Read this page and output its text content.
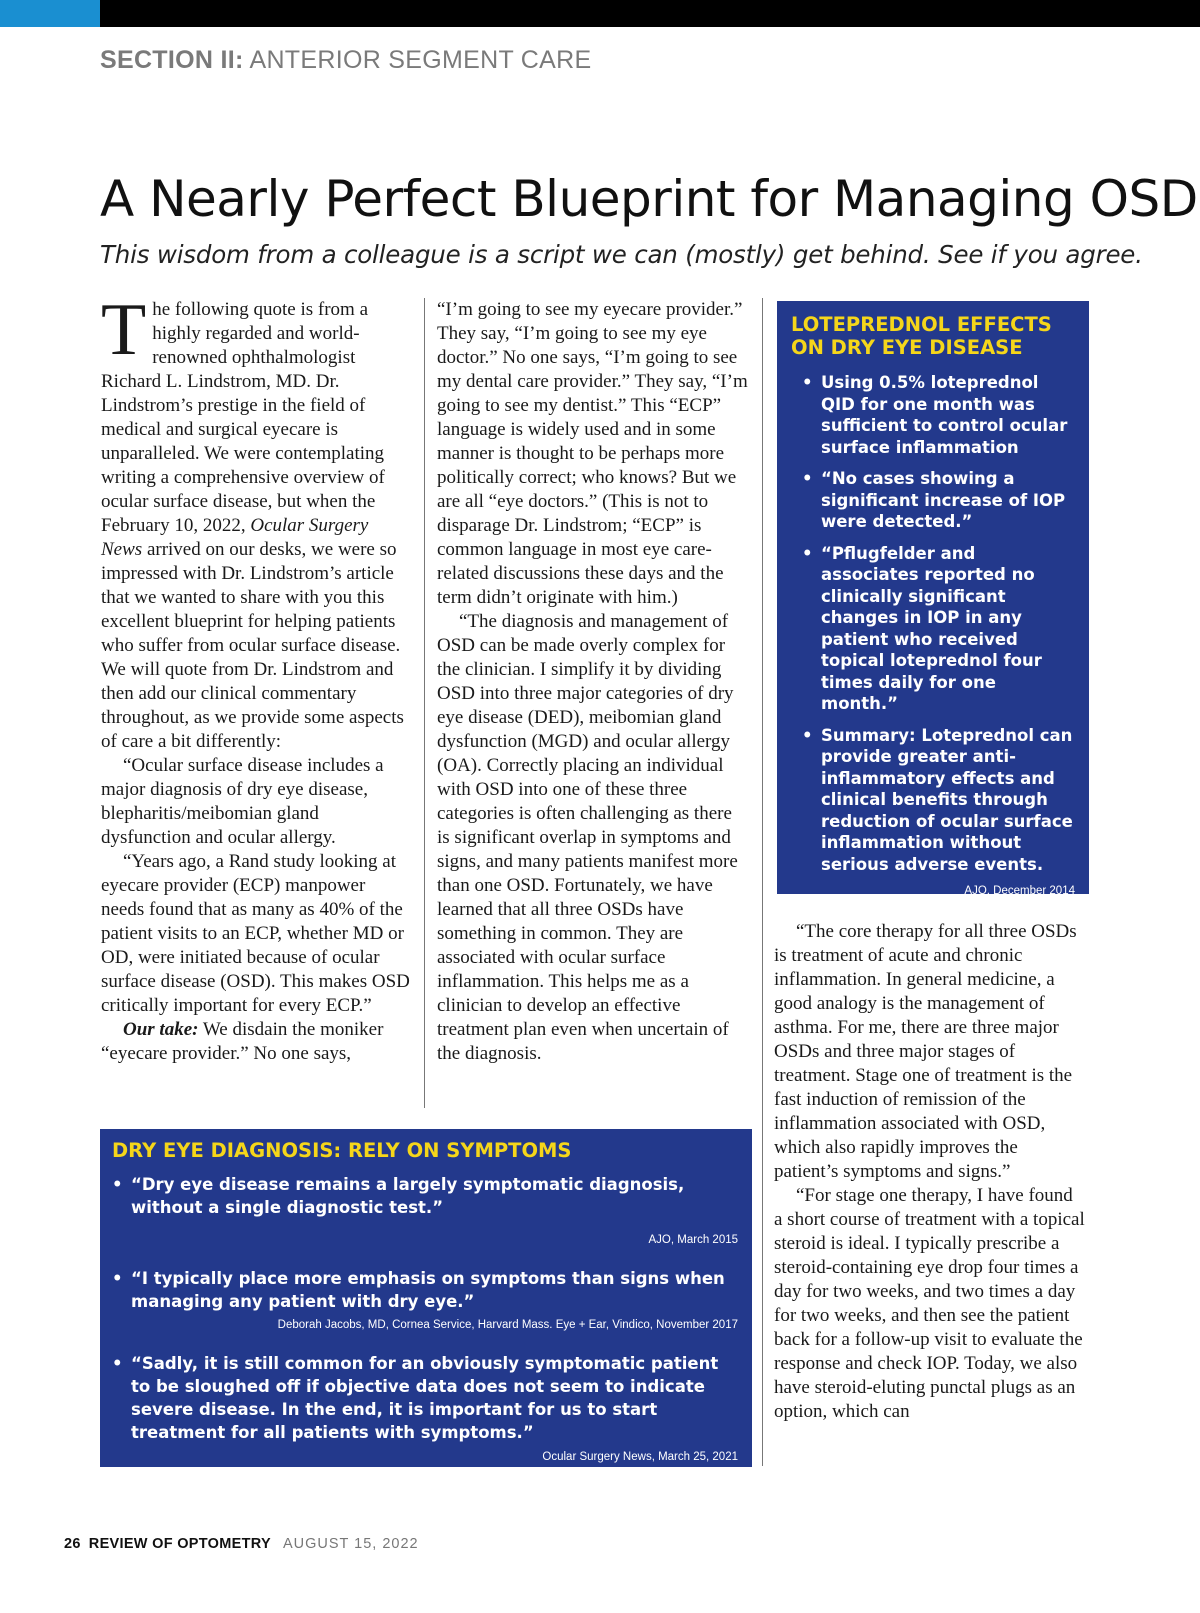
SECTION II: ANTERIOR SEGMENT CARE
A Nearly Perfect Blueprint for Managing OSD

This wisdom from a colleague is a script we can (mostly) get behind. See if you agree.

The following quote is from a highly regarded and world-renowned ophthalmologist Richard L. Lindstrom, MD. Dr. Lindstrom’s prestige in the field of medical and surgical eyecare is unparalleled. We were contemplating writing a comprehensive overview of ocular surface disease, but when the February 10, 2022, Ocular Surgery News arrived on our desks, we were so impressed with Dr. Lindstrom’s article that we wanted to share with you this excellent blueprint for helping patients who suffer from ocular surface disease. We will quote from Dr. Lindstrom and then add our clinical commentary throughout, as we provide some aspects of care a bit differently:

“Ocular surface disease includes a major diagnosis of dry eye disease, blepharitis/meibomian gland dysfunction and ocular allergy.

“Years ago, a Rand study looking at eyecare provider (ECP) manpower needs found that as many as 40% of the patient visits to an ECP, whether MD or OD, were initiated because of ocular surface disease (OSD). This makes OSD critically important for every ECP.”

Our take: We disdain the moniker “eyecare provider.” No one says,

“I’m going to see my eyecare provider.” They say, “I’m going to see my eye doctor.” No one says, “I’m going to see my dental care provider.” They say, “I’m going to see my dentist.” This “ECP” language is widely used and in some manner is thought to be perhaps more politically correct; who knows? But we are all “eye doctors.” (This is not to disparage Dr. Lindstrom; “ECP” is common language in most eye care-related discussions these days and the term didn’t originate with him.)

“The diagnosis and management of OSD can be made overly complex for the clinician. I simplify it by dividing OSD into three major categories of dry eye disease (DED), meibomian gland dysfunction (MGD) and ocular allergy (OA). Correctly placing an individual with OSD into one of these three categories is often challenging as there is significant overlap in symptoms and signs, and many patients manifest more than one OSD. Fortunately, we have learned that all three OSDs have something in common. They are associated with ocular surface inflammation. This helps me as a clinician to develop an effective treatment plan even when uncertain of the diagnosis.

LOTEPREDNOL EFFECTS ON DRY EYE DISEASE
• Using 0.5% loteprednol QID for one month was sufficient to control ocular surface inflammation
• “No cases showing a significant increase of IOP were detected.”
• “Pflugfelder and associates reported no clinically significant changes in IOP in any patient who received topical loteprednol four times daily for one month.”
• Summary: Loteprednol can provide greater anti-inflammatory effects and clinical benefits through reduction of ocular surface inflammation without serious adverse events.
AJO, December 2014

“The core therapy for all three OSDs is treatment of acute and chronic inflammation. In general medicine, a good analogy is the management of asthma. For me, there are three major OSDs and three major stages of treatment. Stage one of treatment is the fast induction of remission of the inflammation associated with OSD, which also rapidly improves the patient’s symptoms and signs.”

“For stage one therapy, I have found a short course of treatment with a topical steroid is ideal. I typically prescribe a steroid-containing eye drop four times a day for two weeks, and two times a day for two weeks, and then see the patient back for a follow-up visit to evaluate the response and check IOP. Today, we also have steroid-eluting punctal plugs as an option, which can

DRY EYE DIAGNOSIS: RELY ON SYMPTOMS
• “Dry eye disease remains a largely symptomatic diagnosis, without a single diagnostic test.”
AJO, March 2015
• “I typically place more emphasis on symptoms than signs when managing any patient with dry eye.”
Deborah Jacobs, MD, Cornea Service, Harvard Mass. Eye + Ear, Vindico, November 2017
• “Sadly, it is still common for an obviously symptomatic patient to be sloughed off if objective data does not seem to indicate severe disease. In the end, it is important for us to start treatment for all patients with symptoms.”
Ocular Surgery News, March 25, 2021
26 REVIEW OF OPTOMETRY AUGUST 15, 2022
